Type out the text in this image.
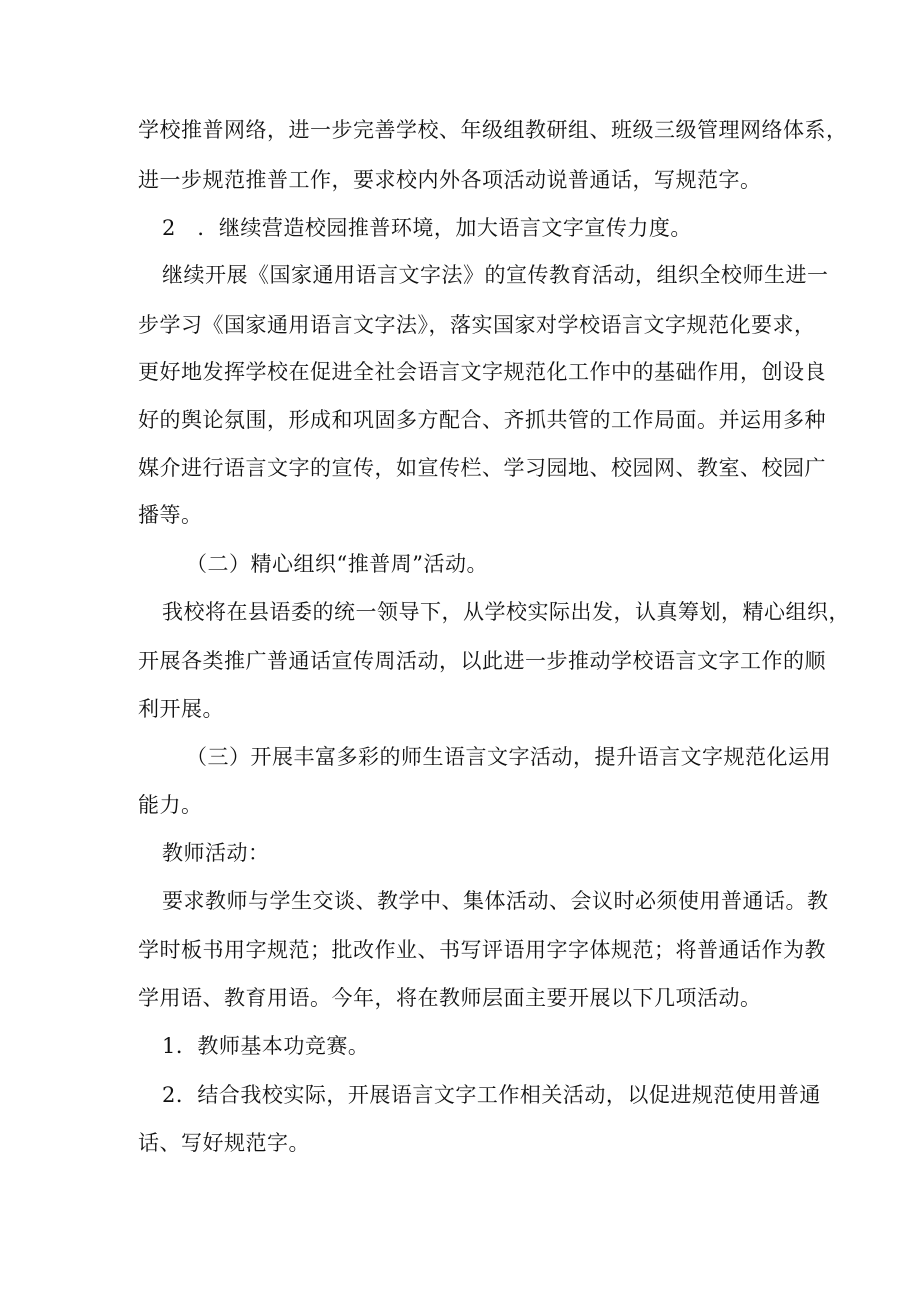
学校推普网络，进一步完善学校、年级组教研组、班级三级管理网络体系，
进一步规范推普工作，要求校内外各项活动说普通话，写规范字。
2　．继续营造校园推普环境，加大语言文字宣传力度。
继续开展《国家通用语言文字法》的宣传教育活动，组织全校师生进一
步学习《国家通用语言文字法》，落实国家对学校语言文字规范化要求，
更好地发挥学校在促进全社会语言文字规范化工作中的基础作用，创设良
好的舆论氛围，形成和巩固多方配合、齐抓共管的工作局面。并运用多种
媒介进行语言文字的宣传，如宣传栏、学习园地、校园网、教室、校园广
播等。
（二）精心组织“推普周”活动。
我校将在县语委的统一领导下，从学校实际出发，认真筹划，精心组织，
开展各类推广普通话宣传周活动，以此进一步推动学校语言文字工作的顺
利开展。
（三）开展丰富多彩的师生语言文字活动，提升语言文字规范化运用
能力。
教师活动：
要求教师与学生交谈、教学中、集体活动、会议时必须使用普通话。教
学时板书用字规范；批改作业、书写评语用字字体规范；将普通话作为教
学用语、教育用语。今年，将在教师层面主要开展以下几项活动。
1．教师基本功竞赛。
2．结合我校实际，开展语言文字工作相关活动，以促进规范使用普通
话、写好规范字。
